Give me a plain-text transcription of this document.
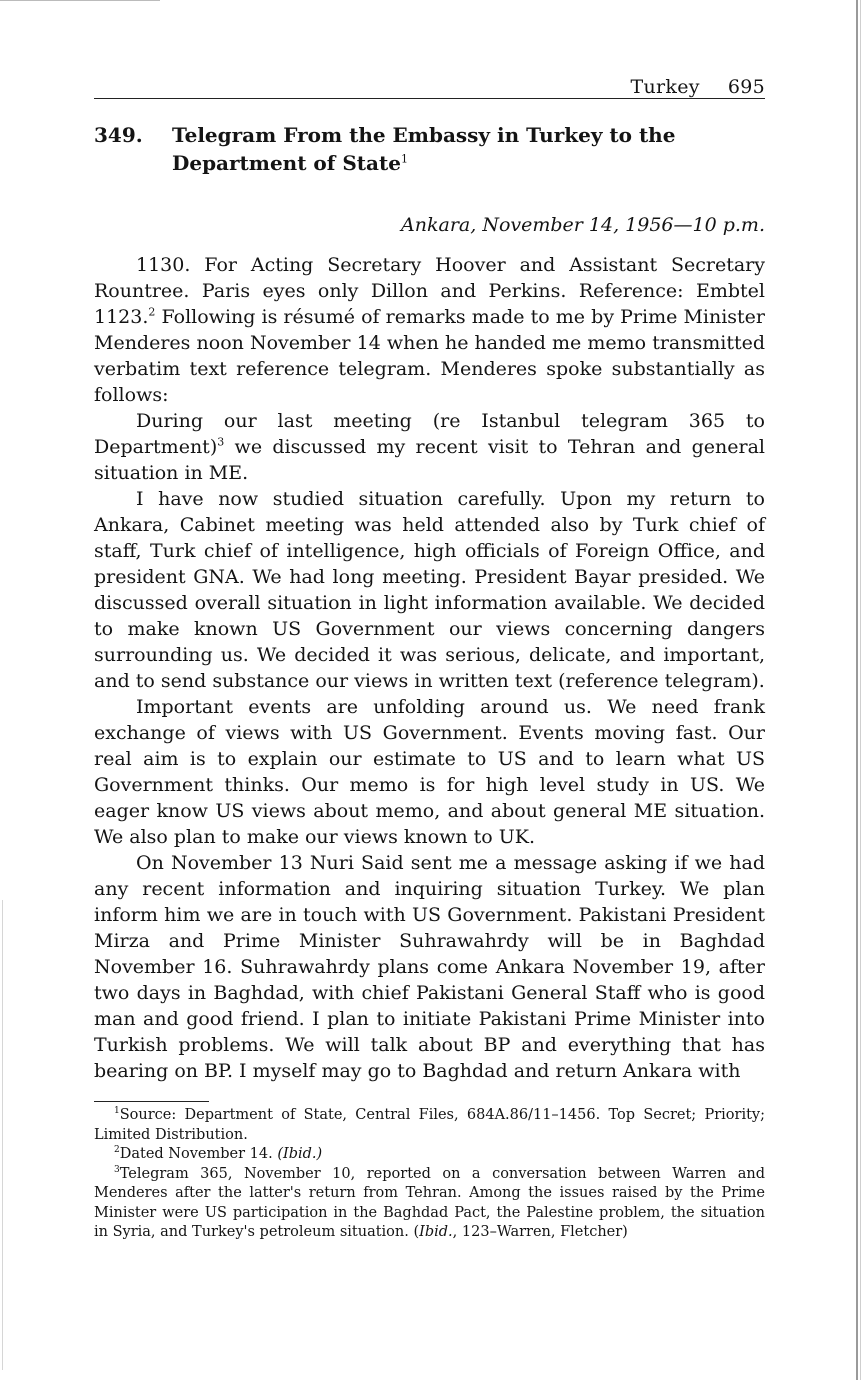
Turkey 695
349. Telegram From the Embassy in Turkey to the Department of State$^1$
Ankara, November 14, 1956—10 p.m.

1130. For Acting Secretary Hoover and Assistant Secretary Rountree. Paris eyes only Dillon and Perkins. Reference: Embtel 1123.$^2$ Following is résumé of remarks made to me by Prime Minister Menderes noon November 14 when he handed me memo transmitted verbatim text reference telegram. Menderes spoke substantially as follows:

During our last meeting (re Istanbul telegram 365 to Department)$^3$ we discussed my recent visit to Tehran and general situation in ME.

I have now studied situation carefully. Upon my return to Ankara, Cabinet meeting was held attended also by Turk chief of staff, Turk chief of intelligence, high officials of Foreign Office, and president GNA. We had long meeting. President Bayar presided. We discussed overall situation in light information available. We decided to make known US Government our views concerning dangers surrounding us. We decided it was serious, delicate, and important, and to send substance our views in written text (reference telegram).

Important events are unfolding around us. We need frank exchange of views with US Government. Events moving fast. Our real aim is to explain our estimate to US and to learn what US Government thinks. Our memo is for high level study in US. We eager know US views about memo, and about general ME situation. We also plan to make our views known to UK.

On November 13 Nuri Said sent me a message asking if we had any recent information and inquiring situation Turkey. We plan inform him we are in touch with US Government. Pakistani President Mirza and Prime Minister Suhrawahrdy will be in Baghdad November 16. Suhrawahrdy plans come Ankara November 19, after two days in Baghdad, with chief Pakistani General Staff who is good man and good friend. I plan to initiate Pakistani Prime Minister into Turkish problems. We will talk about BP and everything that has bearing on BP. I myself may go to Baghdad and return Ankara with

$^1$Source: Department of State, Central Files, 684A.86/11–1456. Top Secret; Priority; Limited Distribution.

$^2$Dated November 14. (Ibid.)

$^3$Telegram 365, November 10, reported on a conversation between Warren and Menderes after the latter's return from Tehran. Among the issues raised by the Prime Minister were US participation in the Baghdad Pact, the Palestine problem, the situation in Syria, and Turkey's petroleum situation. (Ibid., 123–Warren, Fletcher)
